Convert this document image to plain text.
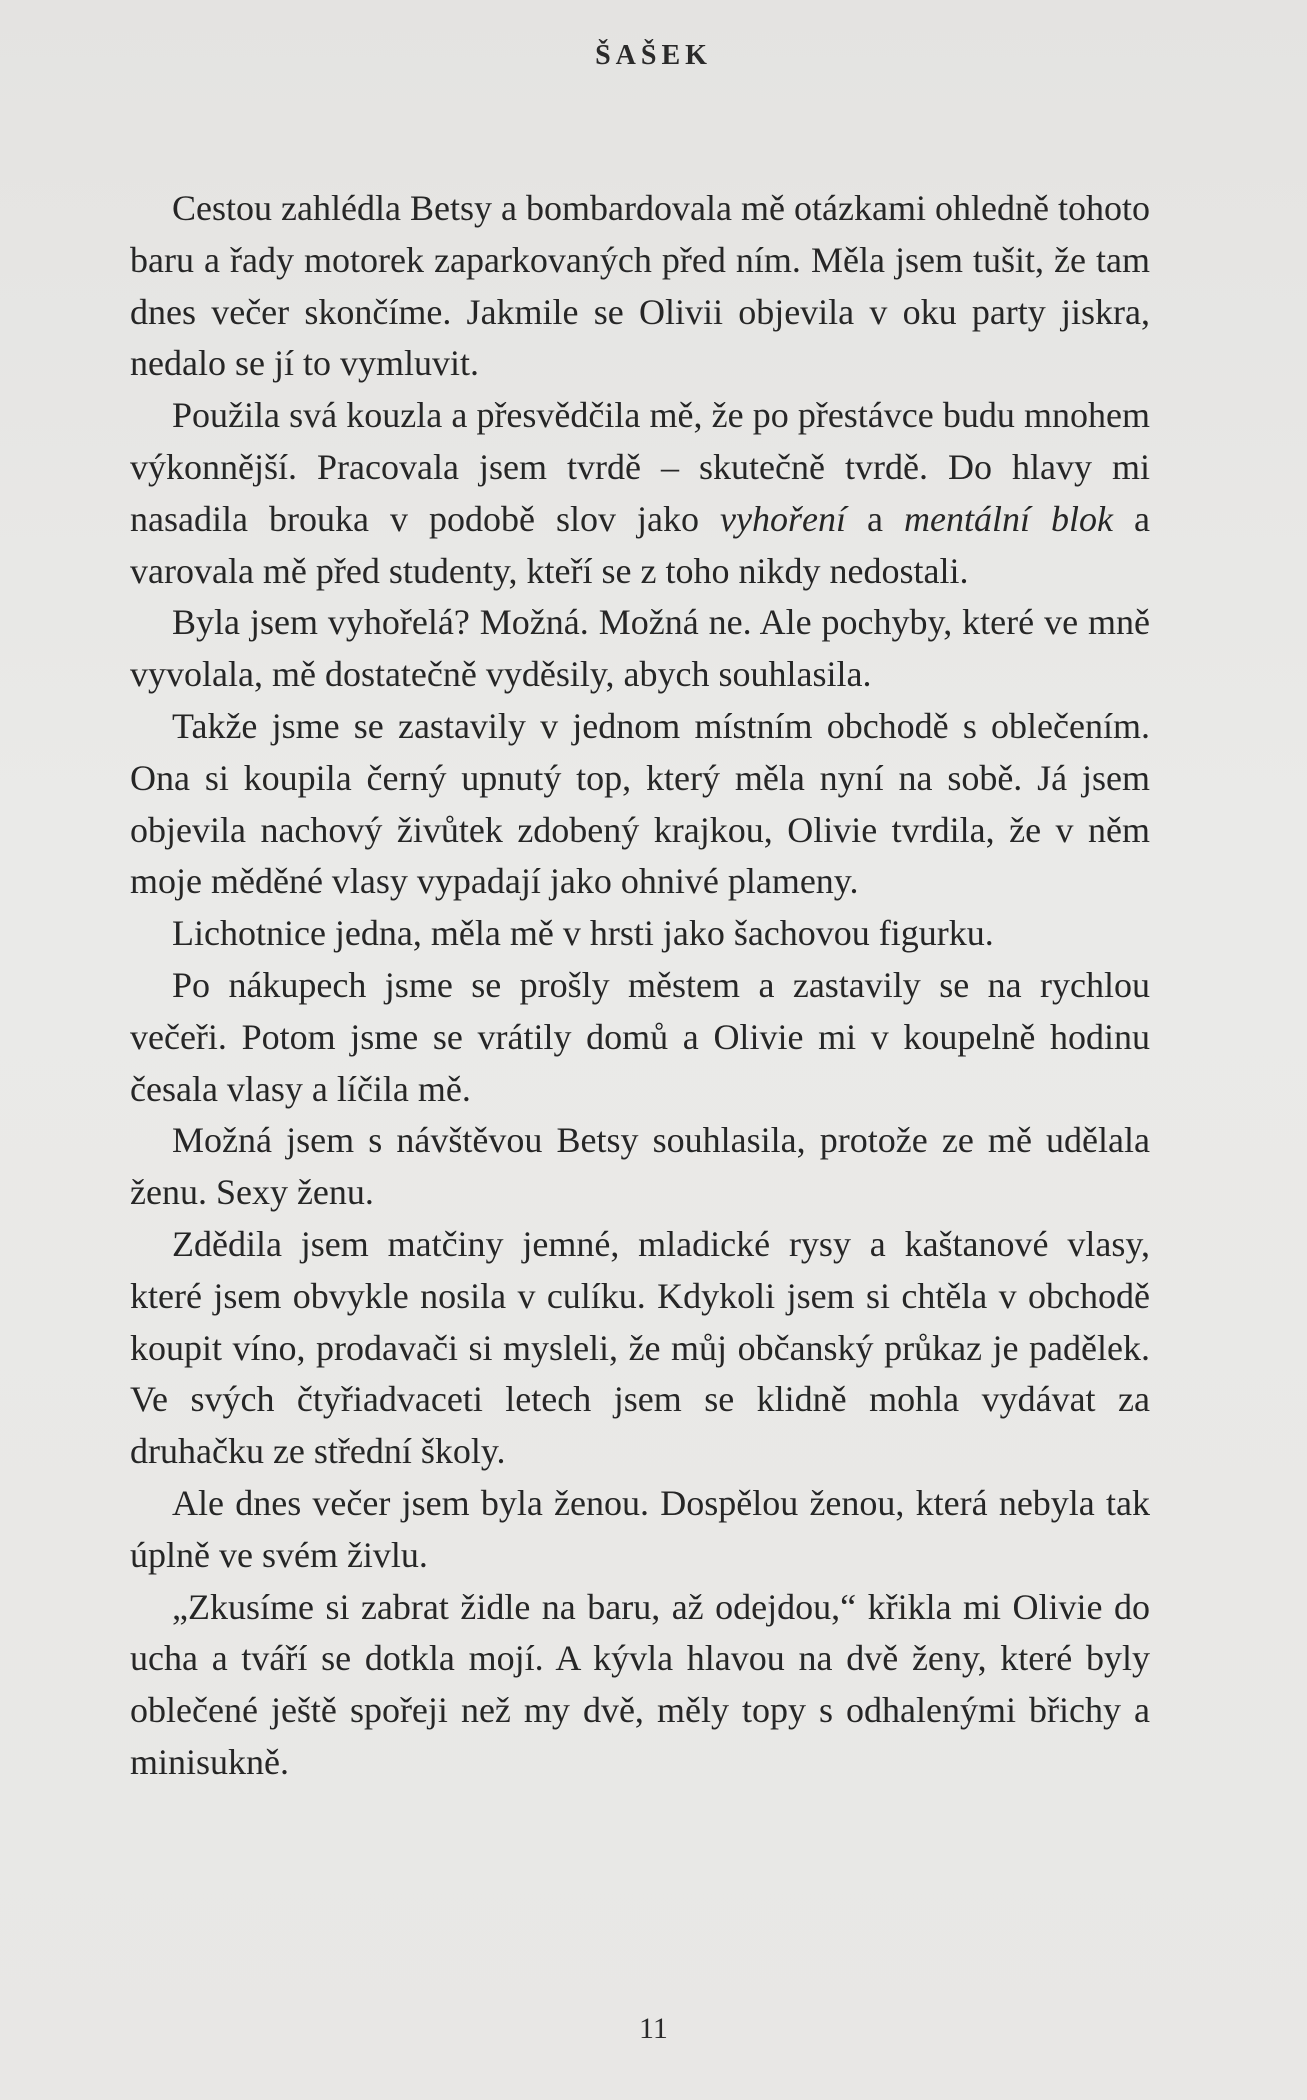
ŠAŠEK

Cestou zahlédla Betsy a bombardovala mě otázkami ohledně tohoto baru a řady motorek zaparkovaných před ním. Měla jsem tušit, že tam dnes večer skončíme. Jakmile se Olivii objevila v oku party jiskra, nedalo se jí to vymluvit.

Použila svá kouzla a přesvědčila mě, že po přestávce budu mnohem výkonnější. Pracovala jsem tvrdě – skutečně tvrdě. Do hlavy mi nasadila brouka v podobě slov jako vyhoření a mentální blok a varovala mě před studenty, kteří se z toho nikdy nedostali.

Byla jsem vyhořelá? Možná. Možná ne. Ale pochyby, které ve mně vyvolala, mě dostatečně vyděsily, abych souhlasila.

Takže jsme se zastavily v jednom místním obchodě s oblečením. Ona si koupila černý upnutý top, který měla nyní na sobě. Já jsem objevila nachový živůtek zdobený krajkou, Olivie tvrdila, že v něm moje měděné vlasy vypadají jako ohnivé plameny.

Lichotnice jedna, měla mě v hrsti jako šachovou figurku.

Po nákupech jsme se prošly městem a zastavily se na rychlou večeři. Potom jsme se vrátily domů a Olivie mi v koupelně hodinu česala vlasy a líčila mě.

Možná jsem s návštěvou Betsy souhlasila, protože ze mě udělala ženu. Sexy ženu.

Zdědila jsem matčiny jemné, mladické rysy a kaštanové vlasy, které jsem obvykle nosila v culíku. Kdykoli jsem si chtěla v obchodě koupit víno, prodavači si mysleli, že můj občanský průkaz je padělek. Ve svých čtyřiadvaceti letech jsem se klidně mohla vydávat za druhačku ze střední školy.

Ale dnes večer jsem byla ženou. Dospělou ženou, která nebyla tak úplně ve svém živlu.

„Zkusíme si zabrat židle na baru, až odejdou,“ křikla mi Olivie do ucha a tváří se dotkla mojí. A kývla hlavou na dvě ženy, které byly oblečené ještě spořeji než my dvě, měly topy s odhalenými břichy a minisukně.

11
